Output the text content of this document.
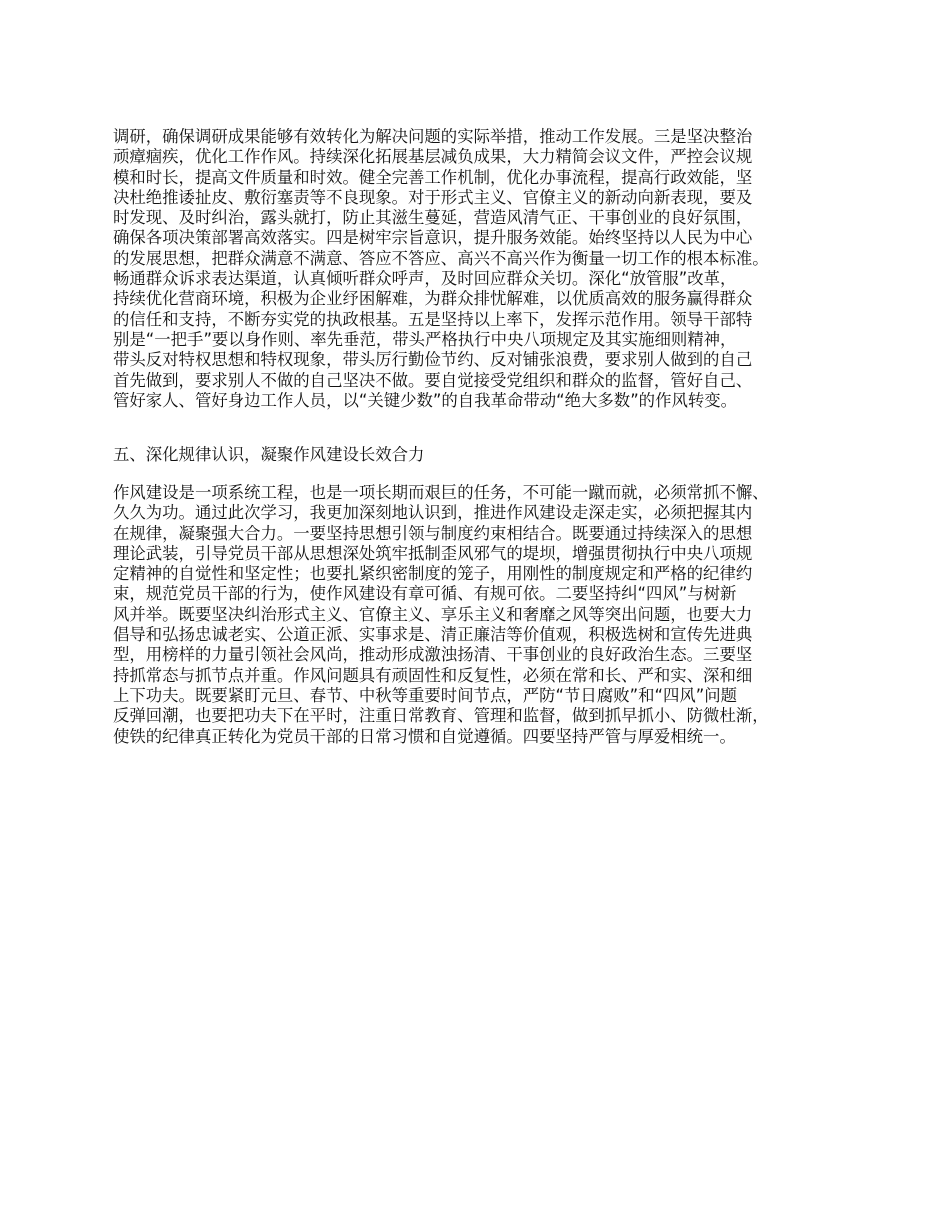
调研，确保调研成果能够有效转化为解决问题的实际举措，推动工作发展。三是坚决整治
顽瘴痼疾，优化工作作风。持续深化拓展基层减负成果，大力精简会议文件，严控会议规
模和时长，提高文件质量和时效。健全完善工作机制，优化办事流程，提高行政效能，坚
决杜绝推诿扯皮、敷衍塞责等不良现象。对于形式主义、官僚主义的新动向新表现，要及
时发现、及时纠治，露头就打，防止其滋生蔓延，营造风清气正、干事创业的良好氛围，
确保各项决策部署高效落实。四是树牢宗旨意识，提升服务效能。始终坚持以人民为中心
的发展思想，把群众满意不满意、答应不答应、高兴不高兴作为衡量一切工作的根本标准。
畅通群众诉求表达渠道，认真倾听群众呼声，及时回应群众关切。深化“放管服”改革，
持续优化营商环境，积极为企业纾困解难，为群众排忧解难，以优质高效的服务赢得群众
的信任和支持，不断夯实党的执政根基。五是坚持以上率下，发挥示范作用。领导干部特
别是“一把手”要以身作则、率先垂范，带头严格执行中央八项规定及其实施细则精神，
带头反对特权思想和特权现象，带头厉行勤俭节约、反对铺张浪费，要求别人做到的自己
首先做到，要求别人不做的自己坚决不做。要自觉接受党组织和群众的监督，管好自己、
管好家人、管好身边工作人员，以“关键少数”的自我革命带动“绝大多数”的作风转变。

五、深化规律认识，凝聚作风建设长效合力

作风建设是一项系统工程，也是一项长期而艰巨的任务，不可能一蹴而就，必须常抓不懈、
久久为功。通过此次学习，我更加深刻地认识到，推进作风建设走深走实，必须把握其内
在规律，凝聚强大合力。一要坚持思想引领与制度约束相结合。既要通过持续深入的思想
理论武装，引导党员干部从思想深处筑牢抵制歪风邪气的堤坝，增强贯彻执行中央八项规
定精神的自觉性和坚定性；也要扎紧织密制度的笼子，用刚性的制度规定和严格的纪律约
束，规范党员干部的行为，使作风建设有章可循、有规可依。二要坚持纠“四风”与树新
风并举。既要坚决纠治形式主义、官僚主义、享乐主义和奢靡之风等突出问题，也要大力
倡导和弘扬忠诚老实、公道正派、实事求是、清正廉洁等价值观，积极选树和宣传先进典
型，用榜样的力量引领社会风尚，推动形成激浊扬清、干事创业的良好政治生态。三要坚
持抓常态与抓节点并重。作风问题具有顽固性和反复性，必须在常和长、严和实、深和细
上下功夫。既要紧盯元旦、春节、中秋等重要时间节点，严防“节日腐败”和“四风”问题
反弹回潮，也要把功夫下在平时，注重日常教育、管理和监督，做到抓早抓小、防微杜渐，
使铁的纪律真正转化为党员干部的日常习惯和自觉遵循。四要坚持严管与厚爱相统一。
